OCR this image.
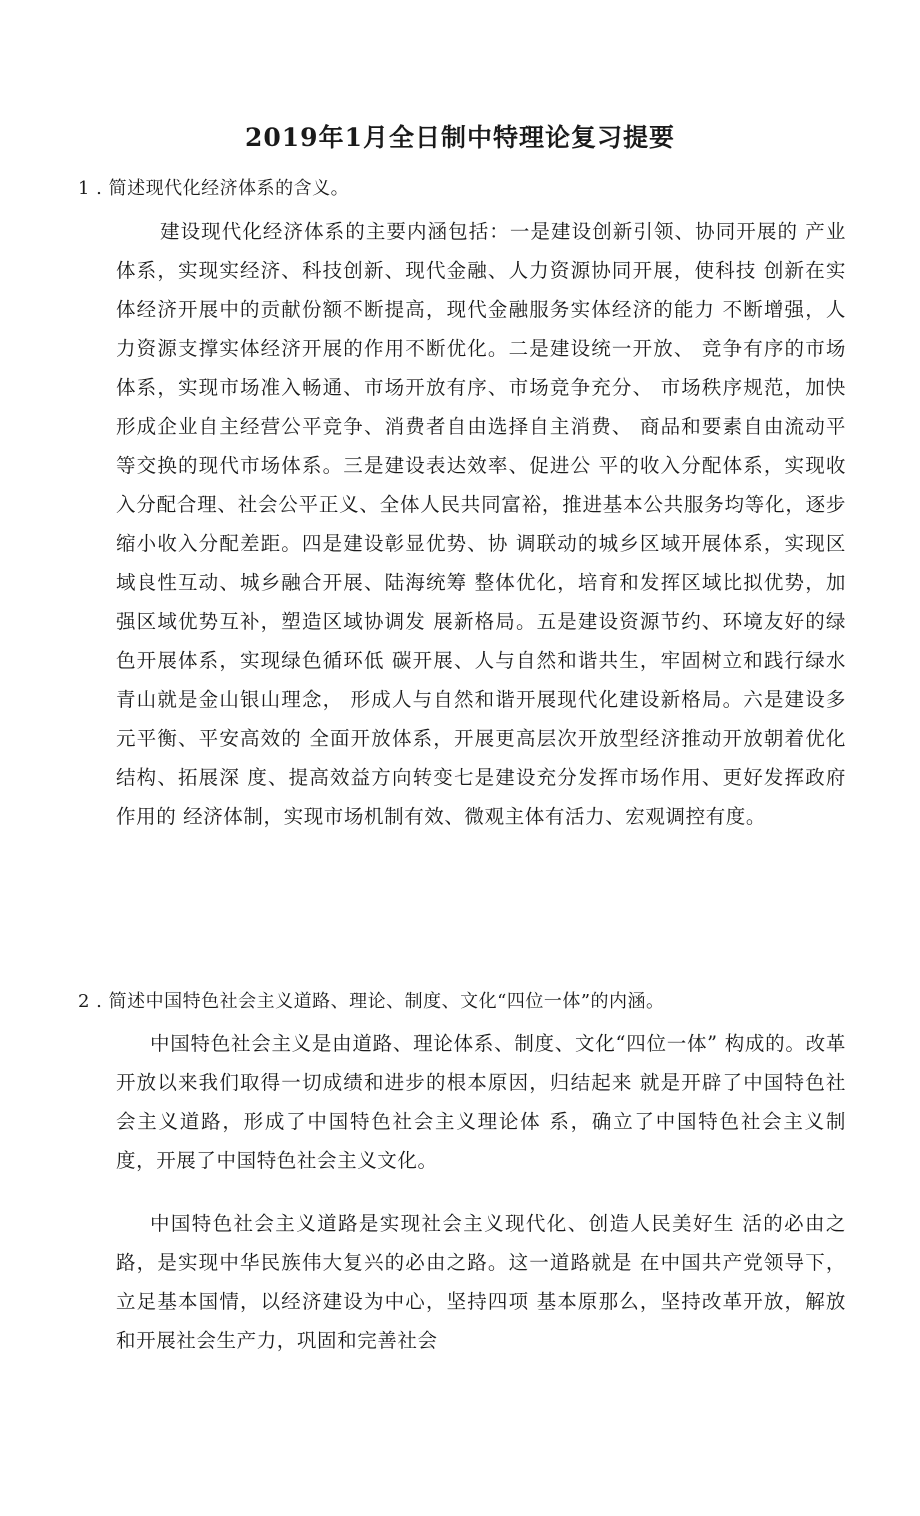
2019年1月全日制中特理论复习提要
1 . 简述现代化经济体系的含义。

建设现代化经济体系的主要内涵包括：一是建设创新引领、协同开展的 产业体系，实现实经济、科技创新、现代金融、人力资源协同开展，使科技 创新在实体经济开展中的贡献份额不断提高，现代金融服务实体经济的能力 不断增强，人力资源支撑实体经济开展的作用不断优化。二是建设统一开放、 竞争有序的市场体系，实现市场准入畅通、市场开放有序、市场竞争充分、 市场秩序规范，加快形成企业自主经营公平竞争、消费者自由选择自主消费、 商品和要素自由流动平等交换的现代市场体系。三是建设表达效率、促进公 平的收入分配体系，实现收入分配合理、社会公平正义、全体人民共同富裕，推进基本公共服务均等化，逐步缩小收入分配差距。四是建设彰显优势、协 调联动的城乡区域开展体系，实现区域良性互动、城乡融合开展、陆海统筹 整体优化，培育和发挥区域比拟优势，加强区域优势互补，塑造区域协调发 展新格局。五是建设资源节约、环境友好的绿色开展体系，实现绿色循环低 碳开展、人与自然和谐共生，牢固树立和践行绿水青山就是金山银山理念， 形成人与自然和谐开展现代化建设新格局。六是建设多元平衡、平安高效的 全面开放体系，开展更高层次开放型经济推动开放朝着优化结构、拓展深 度、提高效益方向转变七是建设充分发挥市场作用、更好发挥政府作用的 经济体制，实现市场机制有效、微观主体有活力、宏观调控有度。

2 . 简述中国特色社会主义道路、理论、制度、文化“四位一体”的内涵。

中国特色社会主义是由道路、理论体系、制度、文化“四位一体” 构成的。改革开放以来我们取得一切成绩和进步的根本原因，归结起来 就是开辟了中国特色社会主义道路，形成了中国特色社会主义理论体 系，确立了中国特色社会主义制度，开展了中国特色社会主义文化。

中国特色社会主义道路是实现社会主义现代化、创造人民美好生 活的必由之路，是实现中华民族伟大复兴的必由之路。这一道路就是 在中国共产党领导下，立足基本国情，以经济建设为中心，坚持四项 基本原那么，坚持改革开放，解放和开展社会生产力，巩固和完善社会
